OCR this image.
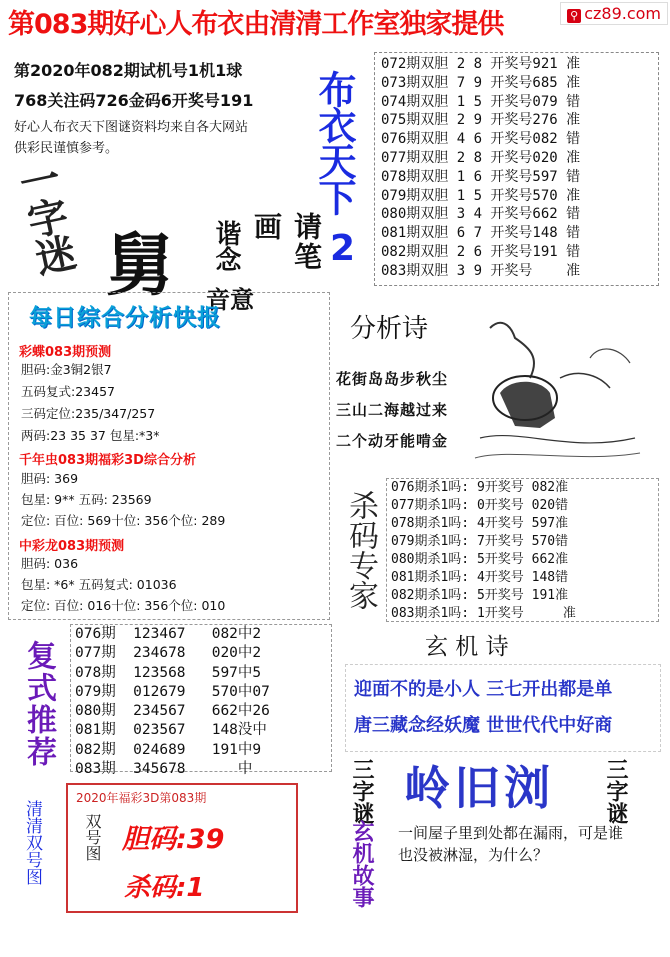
第083期好心人布衣由清清工作室独家提供	⚲ cz89.com
第2020年082期试机号1机1球
768关注码726金码6开奖号191
好心人布衣天下图谜资料均来自各大网站
供彩民谨慎参考。
一字迷 舅 音意
谐念	请笔画
布衣天下
2
072期双胆 2 8 开奖号921 准
073期双胆 7 9 开奖号685 准
074期双胆 1 5 开奖号079 错
075期双胆 2 9 开奖号276 准
076期双胆 4 6 开奖号082 错
077期双胆 2 8 开奖号020 准
078期双胆 1 6 开奖号597 错
079期双胆 1 5 开奖号570 准
080期双胆 3 4 开奖号662 错
081期双胆 6 7 开奖号148 错
082期双胆 2 6 开奖号191 错
083期双胆 3 9 开奖号    准
每日综合分析快报
彩蝶083期预测
胆码:金3铜2银7
五码复式:23457
三码定位:235/347/257
两码:23 35 37 包星:*3*
千年虫083期福彩3D综合分析
胆码: 369
包星: 9** 五码: 23569
定位: 百位: 569十位: 356个位: 289
中彩龙083期预测
胆码: 036
包星: *6* 五码复式: 01036
定位: 百位: 016十位: 356个位: 010
分析诗
花街岛岛步秋尘
三山二海越过来
二个动牙能啃金
杀码专家
076期杀1吗: 9开奖号 082准
077期杀1吗: 0开奖号 020错
078期杀1吗: 4开奖号 597准
079期杀1吗: 7开奖号 570错
080期杀1吗: 5开奖号 662准
081期杀1吗: 4开奖号 148错
082期杀1吗: 5开奖号 191准
083期杀1吗: 1开奖号     准
复式推荐
076期  123467   082中2
077期  234678   020中2
078期  123568   597中5
079期  012679   570中07
080期  234567   662中26
081期  023567   148没中
082期  024689   191中9
083期  345678      中
玄 机 诗
迎面不的是小人 三七开出都是单
唐三藏念经妖魔 世世代代中好商
清清双号图
2020年福彩3D第083期
双号图 胆码:39
杀码:1
三字谜	三字谜
岭旧浏
玄机故事 一间屋子里到处都在漏雨，可是谁也没被淋湿，为什么？
